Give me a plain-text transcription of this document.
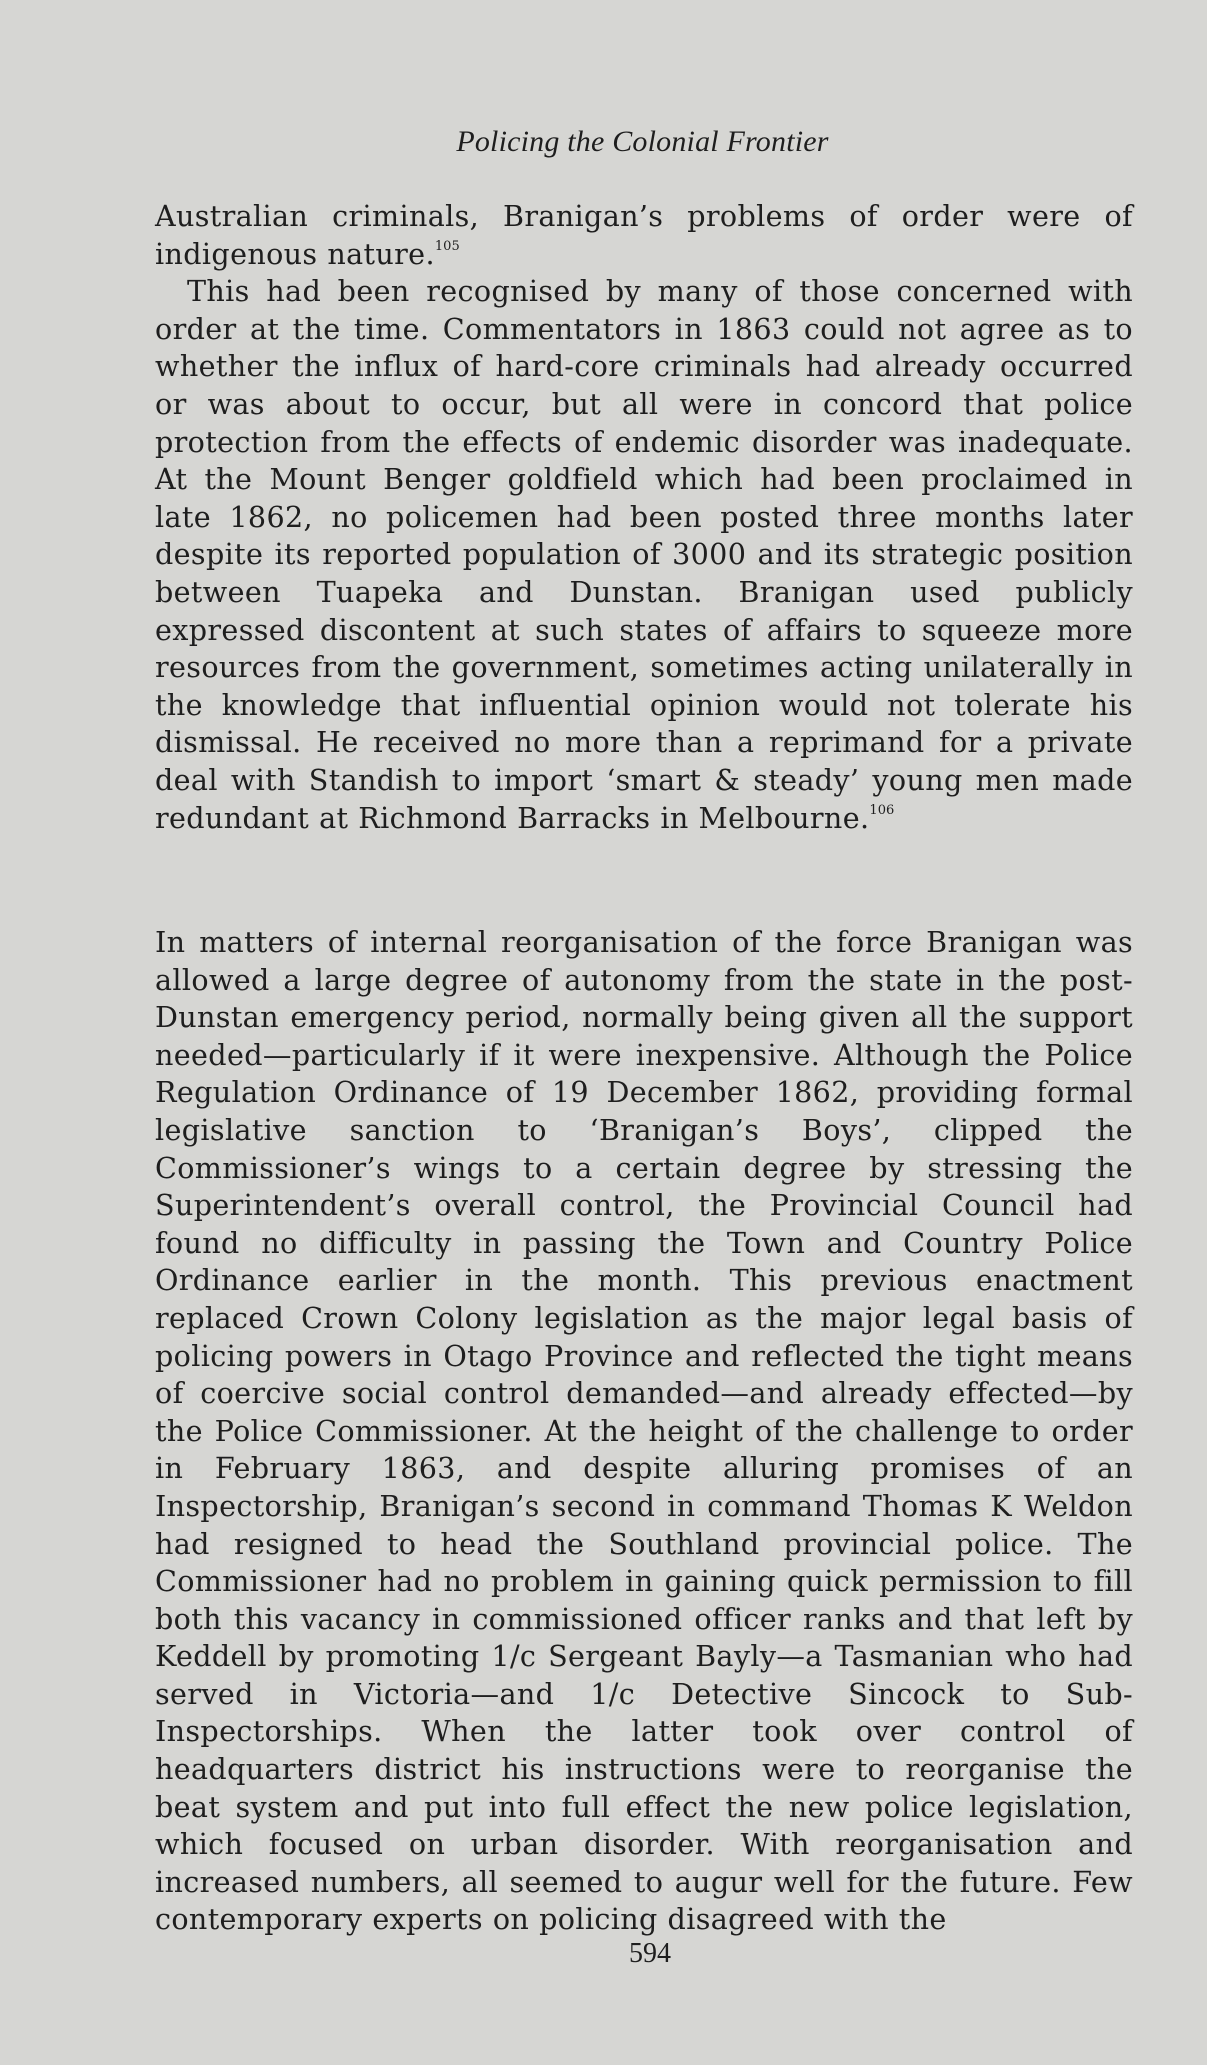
Policing the Colonial Frontier

Australian criminals, Branigan’s problems of order were of indigenous nature.$^{105}$

This had been recognised by many of those concerned with order at the time. Commentators in 1863 could not agree as to whether the influx of hard-core criminals had already occurred or was about to occur, but all were in concord that police protection from the effects of endemic disorder was inadequate. At the Mount Benger goldfield which had been proclaimed in late 1862, no policemen had been posted three months later despite its reported population of 3000 and its strategic position between Tuapeka and Dunstan. Branigan used publicly expressed discontent at such states of affairs to squeeze more resources from the government, sometimes acting unilaterally in the knowledge that influential opinion would not tolerate his dismissal. He received no more than a reprimand for a private deal with Standish to import ‘smart & steady’ young men made redundant at Richmond Barracks in Melbourne.$^{106}$

In matters of internal reorganisation of the force Branigan was allowed a large degree of autonomy from the state in the post-Dunstan emergency period, normally being given all the support needed—particularly if it were inexpensive. Although the Police Regulation Ordinance of 19 December 1862, providing formal legislative sanction to ‘Branigan’s Boys’, clipped the Commissioner’s wings to a certain degree by stressing the Superintendent’s overall control, the Provincial Council had found no difficulty in passing the Town and Country Police Ordinance earlier in the month. This previous enactment replaced Crown Colony legislation as the major legal basis of policing powers in Otago Province and reflected the tight means of coercive social control demanded—and already effected—by the Police Commissioner. At the height of the challenge to order in February 1863, and despite alluring promises of an Inspectorship, Branigan’s second in command Thomas K Weldon had resigned to head the Southland provincial police. The Commissioner had no problem in gaining quick permission to fill both this vacancy in commissioned officer ranks and that left by Keddell by promoting 1/c Sergeant Bayly—a Tasmanian who had served in Victoria—and 1/c Detective Sincock to Sub-Inspectorships. When the latter took over control of headquarters district his instructions were to reorganise the beat system and put into full effect the new police legislation, which focused on urban disorder. With reorganisation and increased numbers, all seemed to augur well for the future. Few contemporary experts on policing disagreed with the

594
